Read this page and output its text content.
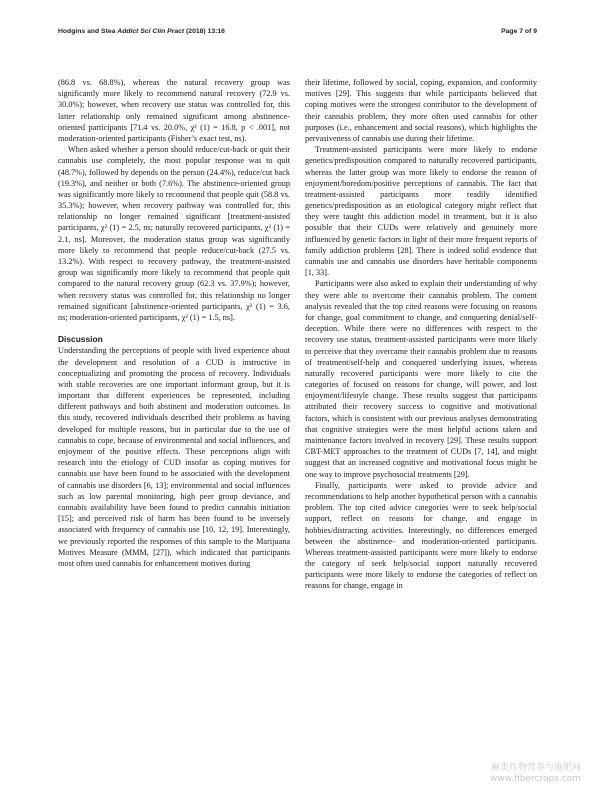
Hodgins and Stea Addict Sci Clin Pract (2018) 13:16	Page 7 of 9

(86.8 vs. 68.8%), whereas the natural recovery group was significantly more likely to recommend natural recovery (72.9 vs. 30.0%); however, when recovery use status was controlled for, this latter relationship only remained significant among abstinence-oriented participants [71.4 vs. 20.0%, χ² (1) = 16.8, p < .001], not moderation-oriented participants (Fisher’s exact test, ns).

When asked whether a person should reduce/cut-back or quit their cannabis use completely, the most popular response was to quit (48.7%), followed by depends on the person (24.4%), reduce/cut back (19.3%), and neither or both (7.6%). The abstinence-oriented group was significantly more likely to recommend that people quit (58.8 vs. 35.3%); however, when recovery pathway was controlled for, this relationship no longer remained significant [treatment-assisted participants, χ² (1) = 2.5, ns; naturally recovered participants, χ² (1) = 2.1, ns]. Moreover, the moderation status group was significantly more likely to recommend that people reduce/cut-back (27.5 vs. 13.2%). With respect to recovery pathway, the treatment-assisted group was significantly more likely to recommend that people quit compared to the natural recovery group (62.3 vs. 37.9%); however, when recovery status was controlled for, this relationship no longer remained significant [abstinence-oriented participants, χ² (1) = 3.6, ns; moderation-oriented participants, χ² (1) = 1.5, ns].

Discussion

Understanding the perceptions of people with lived experience about the development and resolution of a CUD is instructive in conceptualizing and promoting the process of recovery. Individuals with stable recoveries are one important informant group, but it is important that different experiences be represented, including different pathways and both abstinent and moderation outcomes. In this study, recovered individuals described their problems as having developed for multiple reasons, but in particular due to the use of cannabis to cope, because of environmental and social influences, and enjoyment of the positive effects. These perceptions align with research into the etiology of CUD insofar as coping motives for cannabis use have been found to be associated with the development of cannabis use disorders [6, 13]; environmental and social influences such as low parental monitoring, high peer group deviance, and cannabis availability have been found to predict cannabis initiation [15]; and perceived risk of harm has been found to be inversely associated with frequency of cannabis use [10, 12, 19]. Interestingly, we previously reported the responses of this sample to the Marijuana Motives Measure (MMM, [27]), which indicated that participants most often used cannabis for enhancement motives during

their lifetime, followed by social, coping, expansion, and conformity motives [29]. This suggests that while participants believed that coping motives were the strongest contributor to the development of their cannabis problem, they more often used cannabis for other purposes (i.e., enhancement and social reasons), which highlights the pervasiveness of cannabis use during their lifetime.

Treatment-assisted participants were more likely to endorse genetics/predisposition compared to naturally recovered participants, whereas the latter group was more likely to endorse the reason of enjoyment/boredom/positive perceptions of cannabis. The fact that treatment-assisted participants more readily identified genetics/predisposition as an etiological category might reflect that they were taught this addiction model in treatment, but it is also possible that their CUDs were relatively and genuinely more influenced by genetic factors in light of their more frequent reports of family addiction problems [28]. There is indeed solid evidence that cannabis use and cannabis use disorders have heritable components [1, 33].

Participants were also asked to explain their understanding of why they were able to overcome their cannabis problem. The content analysis revealed that the top cited reasons were focusing on reasons for change, goal commitment to change, and conquering denial/self-deception. While there were no differences with respect to the recovery use status, treatment-assisted participants were more likely to perceive that they overcame their cannabis problem due to reasons of treatment/self-help and conquered underlying issues, whereas naturally recovered participants were more likely to cite the categories of focused on reasons for change, will power, and lost enjoyment/lifestyle change. These results suggest that participants attributed their recovery success to cognitive and motivational factors, which is consistent with our previous analyses demonstrating that cognitive strategies were the most helpful actions taken and maintenance factors involved in recovery [29]. These results support CBT-MET approaches to the treatment of CUDs [7, 14], and might suggest that an increased cognitive and motivational focus might be one way to improve psychosocial treatments [29].

Finally, participants were asked to provide advice and recommendations to help another hypothetical person with a cannabis problem. The top cited advice categories were to seek help/social support, reflect on reasons for change, and engage in hobbies/distracting activities. Interestingly, no differences emerged between the abstinence- and moderation-oriented participants. Whereas treatment-assisted participants were more likely to endorse the category of seek help/social support naturally recovered participants were more likely to endorse the categories of reflect on reasons for change, engage in

麻类作物营养与施肥网
www.fibercrops.com
